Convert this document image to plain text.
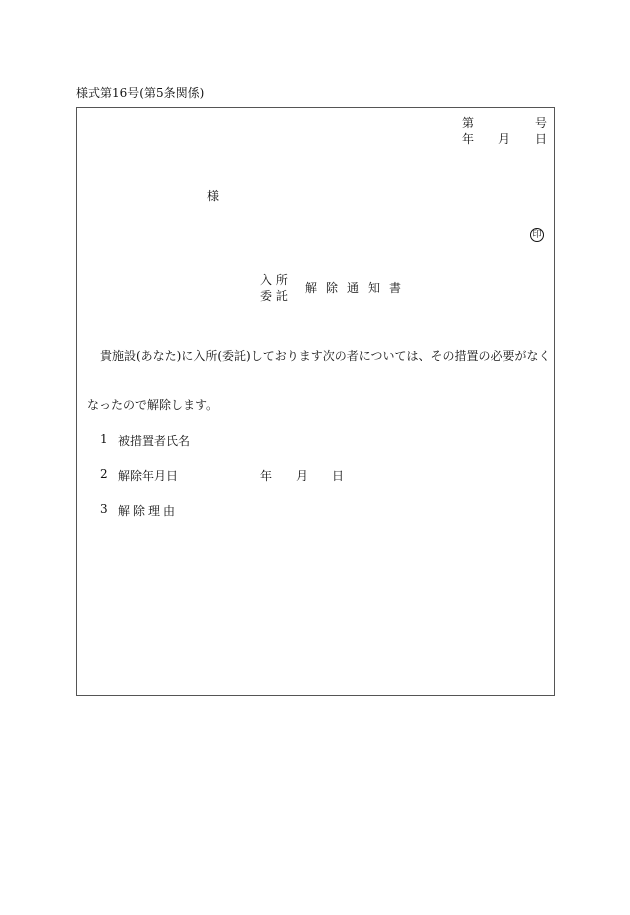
様式第16号(第5条関係)
第	号
年 月 日
様
印
入 所
委 託
解除通知書
貴施設(あなた)に入所(委託)しております次の者については、その措置の必要がなく
なったので解除します。
1 被措置者氏名
2 解除年月日	年 月 日
3 解除理由
